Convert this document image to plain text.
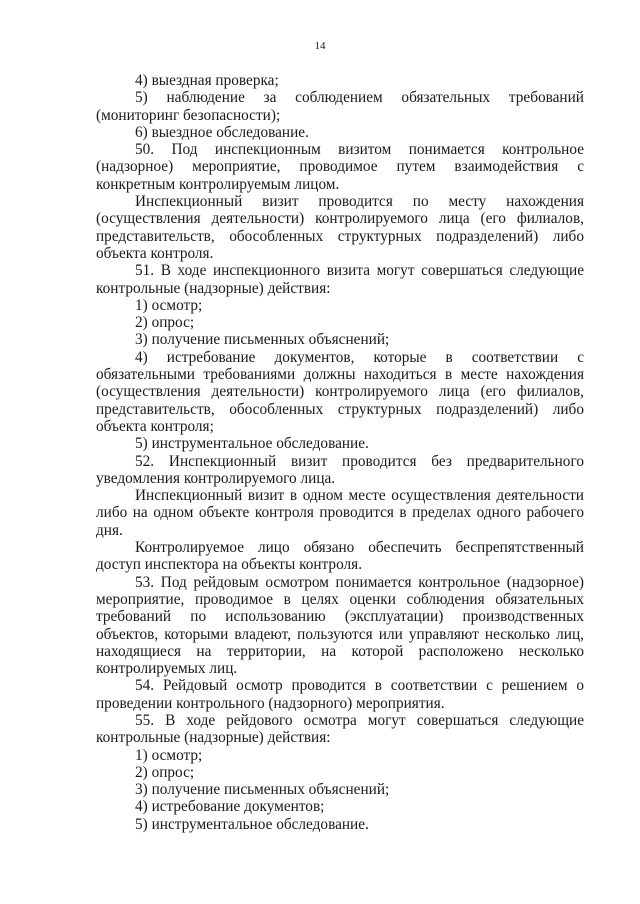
14

4) выездная проверка;

5) наблюдение за соблюдением обязательных требований (мониторинг безопасности);

6) выездное обследование.

50. Под инспекционным визитом понимается контрольное (надзорное) мероприятие, проводимое путем взаимодействия с конкретным контролируемым лицом.

Инспекционный визит проводится по месту нахождения (осуществления деятельности) контролируемого лица (его филиалов, представительств, обособленных структурных подразделений) либо объекта контроля.

51. В ходе инспекционного визита могут совершаться следующие контрольные (надзорные) действия:

1) осмотр;

2) опрос;

3) получение письменных объяснений;

4) истребование документов, которые в соответствии с обязательными требованиями должны находиться в месте нахождения (осуществления деятельности) контролируемого лица (его филиалов, представительств, обособленных структурных подразделений) либо объекта контроля;

5) инструментальное обследование.

52. Инспекционный визит проводится без предварительного уведомления контролируемого лица.

Инспекционный визит в одном месте осуществления деятельности либо на одном объекте контроля проводится в пределах одного рабочего дня.

Контролируемое лицо обязано обеспечить беспрепятственный доступ инспектора на объекты контроля.

53. Под рейдовым осмотром понимается контрольное (надзорное) мероприятие, проводимое в целях оценки соблюдения обязательных требований по использованию (эксплуатации) производственных объектов, которыми владеют, пользуются или управляют несколько лиц, находящиеся на территории, на которой расположено несколько контролируемых лиц.

54. Рейдовый осмотр проводится в соответствии с решением о проведении контрольного (надзорного) мероприятия.

55. В ходе рейдового осмотра могут совершаться следующие контрольные (надзорные) действия:

1) осмотр;

2) опрос;

3) получение письменных объяснений;

4) истребование документов;

5) инструментальное обследование.
